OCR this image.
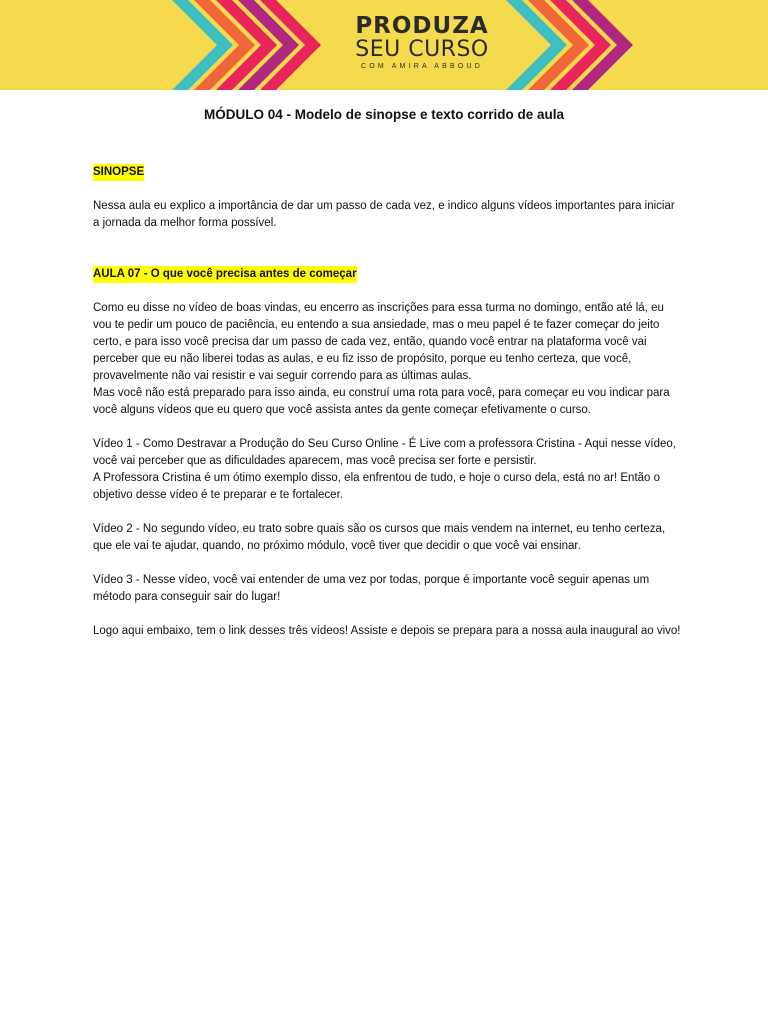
PRODUZA
SEU CURSO
COM AMIRA ABBOUD
MÓDULO 04 - Modelo de sinopse e texto corrido de aula

SINOPSE

Nessa aula eu explico a importância de dar um passo de cada vez, e indico alguns vídeos importantes para iniciar a jornada da melhor forma possível.

AULA 07 - O que você precisa antes de começar

Como eu disse no vídeo de boas vindas, eu encerro as inscrições para essa turma no domingo, então até lá, eu vou te pedir um pouco de paciência, eu entendo a sua ansiedade, mas o meu papel é te fazer começar do jeito certo, e para isso você precisa dar um passo de cada vez, então, quando você entrar na plataforma você vai perceber que eu não liberei todas as aulas, e eu fiz isso de propósito, porque eu tenho certeza, que você, provavelmente não vai resistir e vai seguir correndo para as últimas aulas.

Mas você não está preparado para isso ainda, eu construí uma rota para você, para começar eu vou indicar para você alguns vídeos que eu quero que você assista antes da gente começar efetivamente o curso.

Vídeo 1 - Como Destravar a Produção do Seu Curso Online - É Live com a professora Cristina - Aqui nesse vídeo, você vai perceber que as dificuldades aparecem, mas você precisa ser forte e persistir.

A Professora Cristina é um ótimo exemplo disso, ela enfrentou de tudo, e hoje o curso dela, está no ar! Então o objetivo desse vídeo é te preparar e te fortalecer.

Vídeo 2 - No segundo vídeo, eu trato sobre quais são os cursos que mais vendem na internet, eu tenho certeza, que ele vai te ajudar, quando, no próximo módulo, você tiver que decidir o que você vai ensinar.

Vídeo 3 - Nesse vídeo, você vai entender de uma vez por todas, porque é importante você seguir apenas um método para conseguir sair do lugar!

Logo aqui embaixo, tem o link desses três vídeos! Assiste e depois se prepara para a nossa aula inaugural ao vivo!
